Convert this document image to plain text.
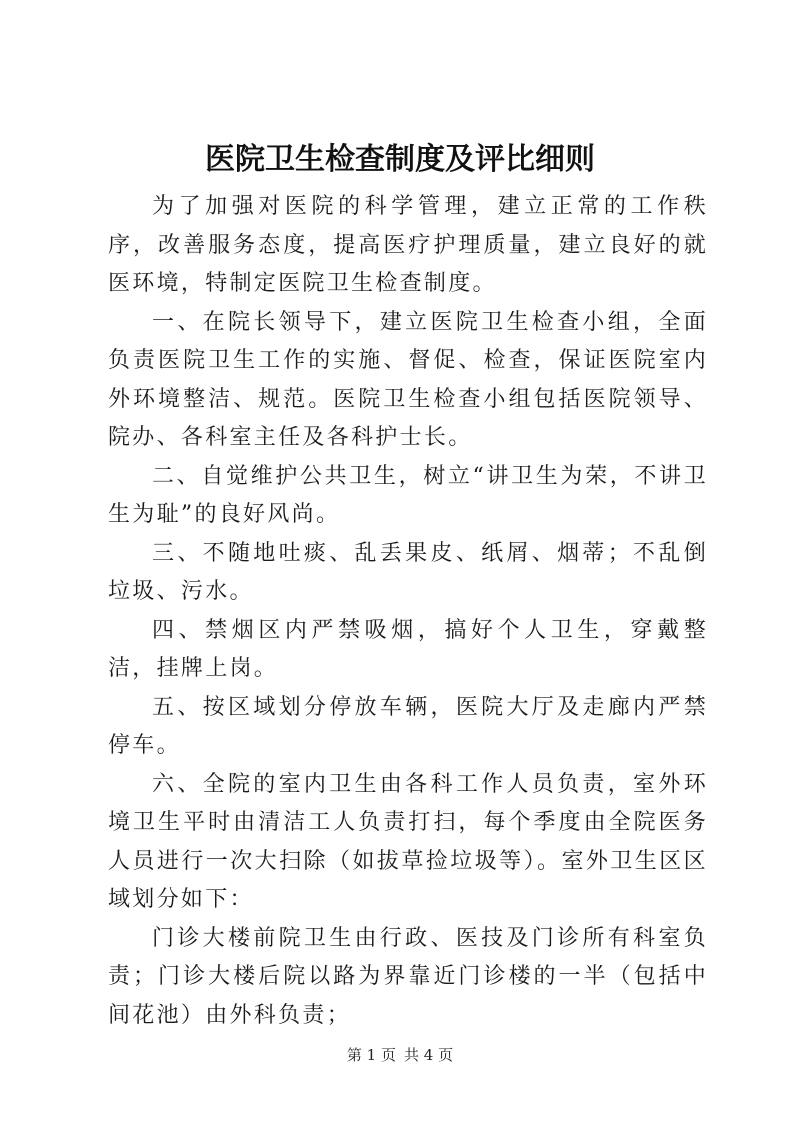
医院卫生检查制度及评比细则

为了加强对医院的科学管理，建立正常的工作秩序，改善服务态度，提高医疗护理质量，建立良好的就医环境，特制定医院卫生检查制度。

一、在院长领导下，建立医院卫生检查小组，全面负责医院卫生工作的实施、督促、检查，保证医院室内外环境整洁、规范。医院卫生检查小组包括医院领导、院办、各科室主任及各科护士长。

二、自觉维护公共卫生，树立“讲卫生为荣，不讲卫生为耻”的良好风尚。

三、不随地吐痰、乱丢果皮、纸屑、烟蒂；不乱倒垃圾、污水。

四、禁烟区内严禁吸烟，搞好个人卫生，穿戴整洁，挂牌上岗。

五、按区域划分停放车辆，医院大厅及走廊内严禁停车。

六、全院的室内卫生由各科工作人员负责，室外环境卫生平时由清洁工人负责打扫，每个季度由全院医务人员进行一次大扫除（如拔草捡垃圾等）。室外卫生区区域划分如下：

门诊大楼前院卫生由行政、医技及门诊所有科室负责；门诊大楼后院以路为界靠近门诊楼的一半（包括中间花池）由外科负责；

第 1 页 共 4 页
